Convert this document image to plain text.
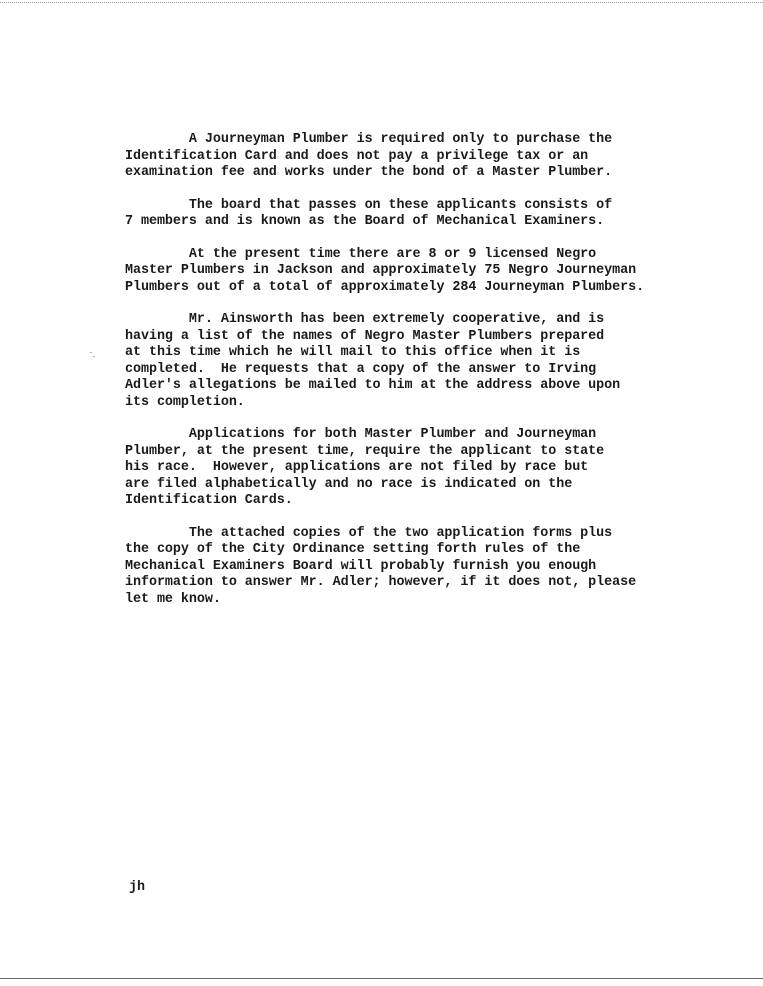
A Journeyman Plumber is required only to purchase the
Identification Card and does not pay a privilege tax or an
examination fee and works under the bond of a Master Plumber.

The board that passes on these applicants consists of
7 members and is known as the Board of Mechanical Examiners.

At the present time there are 8 or 9 licensed Negro
Master Plumbers in Jackson and approximately 75 Negro Journeyman
Plumbers out of a total of approximately 284 Journeyman Plumbers.

Mr. Ainsworth has been extremely cooperative, and is
having a list of the names of Negro Master Plumbers prepared
at this time which he will mail to this office when it is
completed.  He requests that a copy of the answer to Irving
Adler's allegations be mailed to him at the address above upon
its completion.

Applications for both Master Plumber and Journeyman
Plumber, at the present time, require the applicant to state
his race.  However, applications are not filed by race but
are filed alphabetically and no race is indicated on the
Identification Cards.

The attached copies of the two application forms plus
the copy of the City Ordinance setting forth rules of the
Mechanical Examiners Board will probably furnish you enough
information to answer Mr. Adler; however, if it does not, please
let me know.

jh
